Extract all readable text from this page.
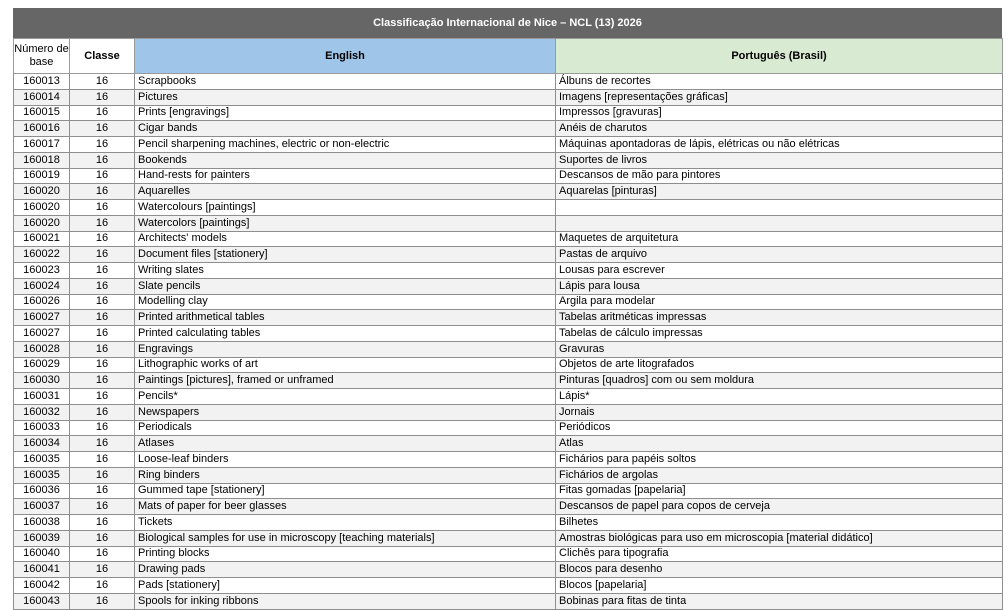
Classificação Internacional de Nice – NCL (13) 2026
Número de base	Classe	English	Português (Brasil)
160013	16	Scrapbooks	Álbuns de recortes
160014	16	Pictures	Imagens [representações gráficas]
160015	16	Prints [engravings]	Impressos [gravuras]
160016	16	Cigar bands	Anéis de charutos
160017	16	Pencil sharpening machines, electric or non-electric	Máquinas apontadoras de lápis, elétricas ou não elétricas
160018	16	Bookends	Suportes de livros
160019	16	Hand-rests for painters	Descansos de mão para pintores
160020	16	Aquarelles	Aquarelas [pinturas]
160020	16	Watercolours [paintings]	
160020	16	Watercolors [paintings]	
160021	16	Architects' models	Maquetes de arquitetura
160022	16	Document files [stationery]	Pastas de arquivo
160023	16	Writing slates	Lousas para escrever
160024	16	Slate pencils	Lápis para lousa
160026	16	Modelling clay	Argila para modelar
160027	16	Printed arithmetical tables	Tabelas aritméticas impressas
160027	16	Printed calculating tables	Tabelas de cálculo impressas
160028	16	Engravings	Gravuras
160029	16	Lithographic works of art	Objetos de arte litografados
160030	16	Paintings [pictures], framed or unframed	Pinturas [quadros] com ou sem moldura
160031	16	Pencils*	Lápis*
160032	16	Newspapers	Jornais
160033	16	Periodicals	Periódicos
160034	16	Atlases	Atlas
160035	16	Loose-leaf binders	Fichários para papéis soltos
160035	16	Ring binders	Fichários de argolas
160036	16	Gummed tape [stationery]	Fitas gomadas [papelaria]
160037	16	Mats of paper for beer glasses	Descansos de papel para copos de cerveja
160038	16	Tickets	Bilhetes
160039	16	Biological samples for use in microscopy [teaching materials]	Amostras biológicas para uso em microscopia [material didático]
160040	16	Printing blocks	Clichês para tipografia
160041	16	Drawing pads	Blocos para desenho
160042	16	Pads [stationery]	Blocos [papelaria]
160043	16	Spools for inking ribbons	Bobinas para fitas de tinta
